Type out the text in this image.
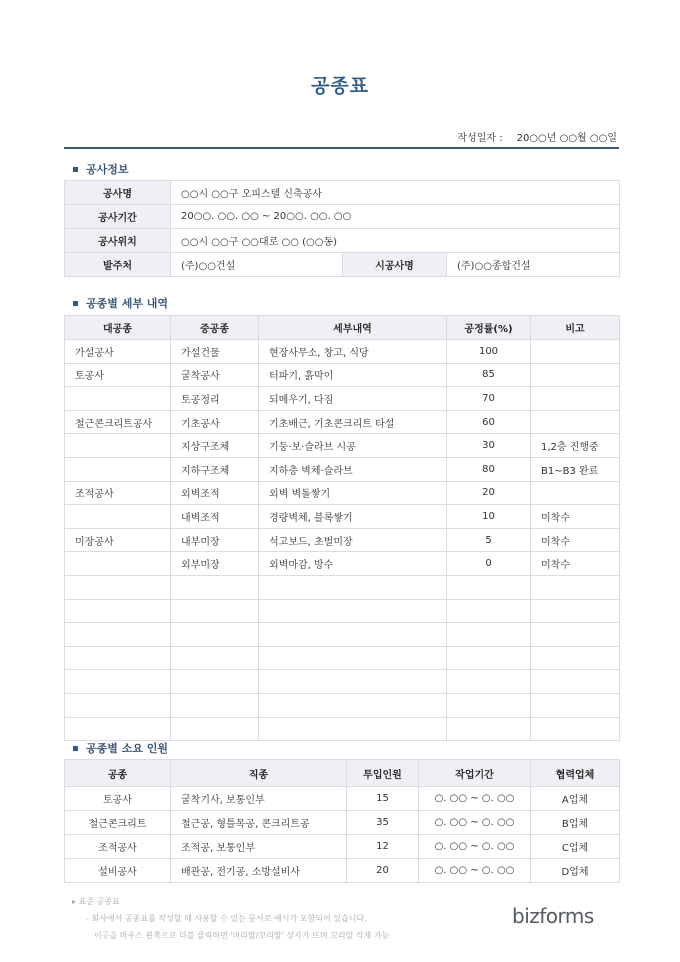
공종표
작성일자 : 20○○년 ○○월 ○○일
공사정보
공사명	○○시 ○○구 오피스텔 신축공사		
공사기간	20○○. ○○. ○○ ~ 20○○. ○○. ○○		
공사위치	○○시 ○○구 ○○대로 ○○ (○○동)		
발주처	(주)○○건설	시공사명	(주)○○종합건설
공종별 세부 내역
대공종	중공종	세부내역	공정률(%)	비고
가설공사	가설건물	현장사무소, 창고, 식당	100	
토공사	굴착공사	터파기, 흙막이	85	
	토공정리	되메우기, 다짐	70	
철근콘크리트공사	기초공사	기초배근, 기초콘크리트 타설	60	
	지상구조체	기둥·보·슬라브 시공	30	1,2층 진행중
	지하구조체	지하층 벽체·슬라브	80	B1~B3 완료
조적공사	외벽조적	외벽 벽돌쌓기	20	
	내벽조적	경량벽체, 블록쌓기	10	미착수
미장공사	내부미장	석고보드, 초벌미장	5	미착수
	외부미장	외벽마감, 방수	0	미착수

공종별 소요 인원
공종	직종	투입인원	작업기간	협력업체
토공사	굴착기사, 보통인부	15	○. ○○ ~ ○. ○○	A업체
철근콘크리트	철근공, 형틀목공, 콘크리트공	35	○. ○○ ~ ○. ○○	B업체
조적공사	조적공, 보통인부	12	○. ○○ ~ ○. ○○	C업체
설비공사	배관공, 전기공, 소방설비사	20	○. ○○ ~ ○. ○○	D업체
▸ 표준 공종표
- 회사에서 공종표를 작성할 때 사용할 수 있는 문서로 예시가 포함되어 있습니다.
이곳을 마우스 왼쪽으로 더블 클릭하면 '머리말/꼬리말' 상자가 뜨며 꼬리말 삭제 가능
bizforms
